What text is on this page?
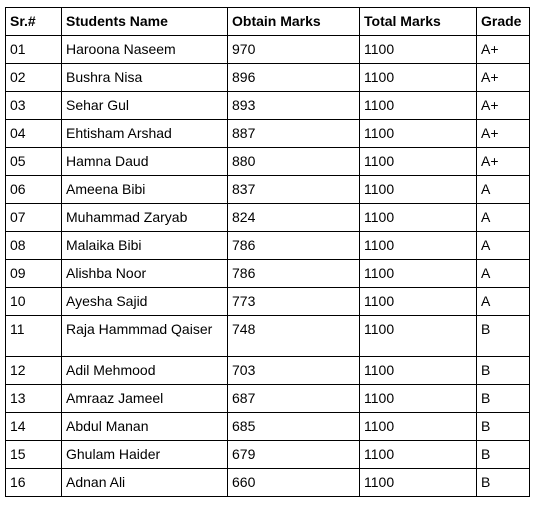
Sr.#	Students Name	Obtain Marks	Total Marks	Grade
01	Haroona Naseem	970	1100	A+
02	Bushra Nisa	896	1100	A+
03	Sehar Gul	893	1100	A+
04	Ehtisham Arshad	887	1100	A+
05	Hamna Daud	880	1100	A+
06	Ameena Bibi	837	1100	A
07	Muhammad Zaryab	824	1100	A
08	Malaika Bibi	786	1100	A
09	Alishba Noor	786	1100	A
10	Ayesha Sajid	773	1100	A
11	Raja Hammmad Qaiser	748	1100	B
12	Adil Mehmood	703	1100	B
13	Amraaz Jameel	687	1100	B
14	Abdul Manan	685	1100	B
15	Ghulam Haider	679	1100	B
16	Adnan Ali	660	1100	B
